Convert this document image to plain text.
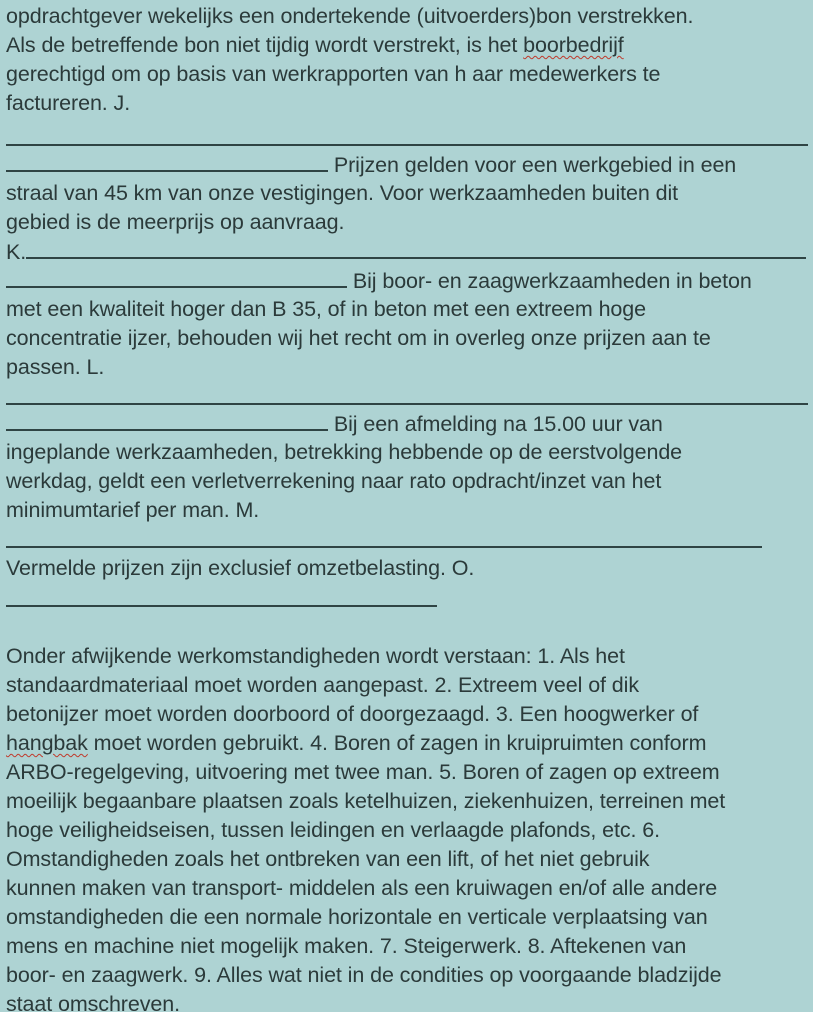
opdrachtgever wekelijks een ondertekende (uitvoerders)bon verstrekken.
Als de betreffende bon niet tijdig wordt verstrekt, is het boorbedrijf
gerechtigd om op basis van werkrapporten van h aar medewerkers te
factureren. J.
Prijzen gelden voor een werkgebied in een
straal van 45 km van onze vestigingen. Voor werkzaamheden buiten dit
gebied is de meerprijs op aanvraag.
K.
Bij boor- en zaagwerkzaamheden in beton
met een kwaliteit hoger dan B 35, of in beton met een extreem hoge
concentratie ijzer, behouden wij het recht om in overleg onze prijzen aan te
passen. L.
Bij een afmelding na 15.00 uur van
ingeplande werkzaamheden, betrekking hebbende op de eerstvolgende
werkdag, geldt een verletverrekening naar rato opdracht/inzet van het
minimumtarief per man. M.
Vermelde prijzen zijn exclusief omzetbelasting. O.
Onder afwijkende werkomstandigheden wordt verstaan: 1. Als het
standaardmateriaal moet worden aangepast. 2. Extreem veel of dik
betonijzer moet worden doorboord of doorgezaagd. 3. Een hoogwerker of
hangbak moet worden gebruikt. 4. Boren of zagen in kruipruimten conform
ARBO-regelgeving, uitvoering met twee man. 5. Boren of zagen op extreem
moeilijk begaanbare plaatsen zoals ketelhuizen, ziekenhuizen, terreinen met
hoge veiligheidseisen, tussen leidingen en verlaagde plafonds, etc. 6.
Omstandigheden zoals het ontbreken van een lift, of het niet gebruik
kunnen maken van transport- middelen als een kruiwagen en/of alle andere
omstandigheden die een normale horizontale en verticale verplaatsing van
mens en machine niet mogelijk maken. 7. Steigerwerk. 8. Aftekenen van
boor- en zaagwerk. 9. Alles wat niet in de condities op voorgaande bladzijde
staat omschreven.
